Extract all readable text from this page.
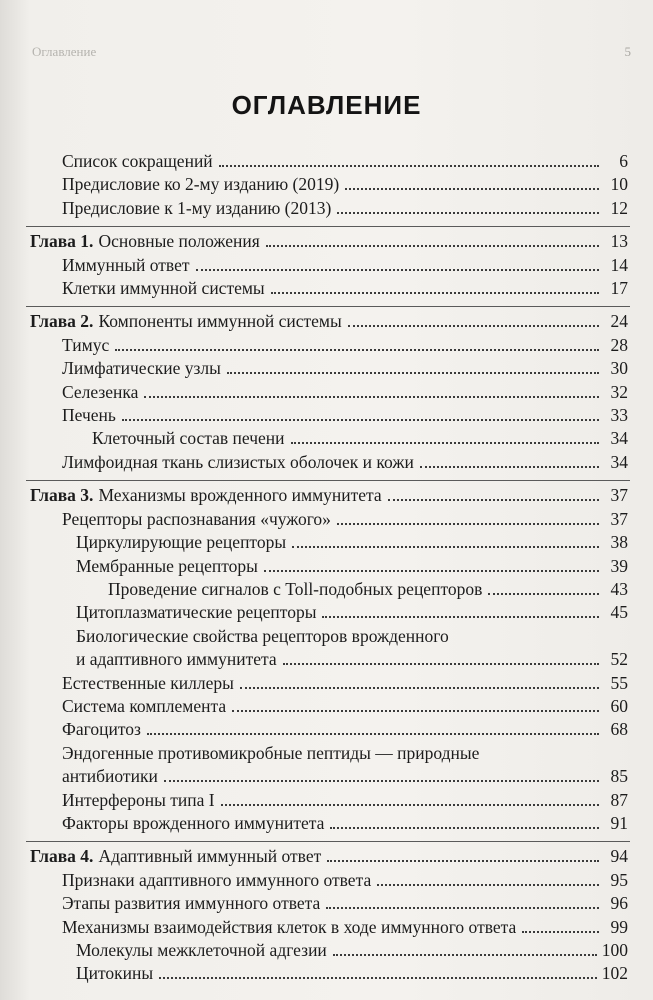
Оглавление	5
ОГЛАВЛЕНИЕ
Список сокращений	6
Предисловие ко 2-му изданию (2019)	10
Предисловие к 1-му изданию (2013)	12
Глава 1. Основные положения	13
Иммунный ответ	14
Клетки иммунной системы	17
Глава 2. Компоненты иммунной системы	24
Тимус	28
Лимфатические узлы	30
Селезенка	32
Печень	33
Клеточный состав печени	34
Лимфоидная ткань слизистых оболочек и кожи	34
Глава 3. Механизмы врожденного иммунитета	37
Рецепторы распознавания «чужого»	37
Циркулирующие рецепторы	38
Мембранные рецепторы	39
Проведение сигналов с Toll-подобных рецепторов	43
Цитоплазматические рецепторы	45
Биологические свойства рецепторов врожденного
и адаптивного иммунитета	52
Естественные киллеры	55
Система комплемента	60
Фагоцитоз	68
Эндогенные противомикробные пептиды — природные
антибиотики	85
Интерфероны типа I	87
Факторы врожденного иммунитета	91
Глава 4. Адаптивный иммунный ответ	94
Признаки адаптивного иммунного ответа	95
Этапы развития иммунного ответа	96
Механизмы взаимодействия клеток в ходе иммунного ответа	99
Молекулы межклеточной адгезии	100
Цитокины	102
